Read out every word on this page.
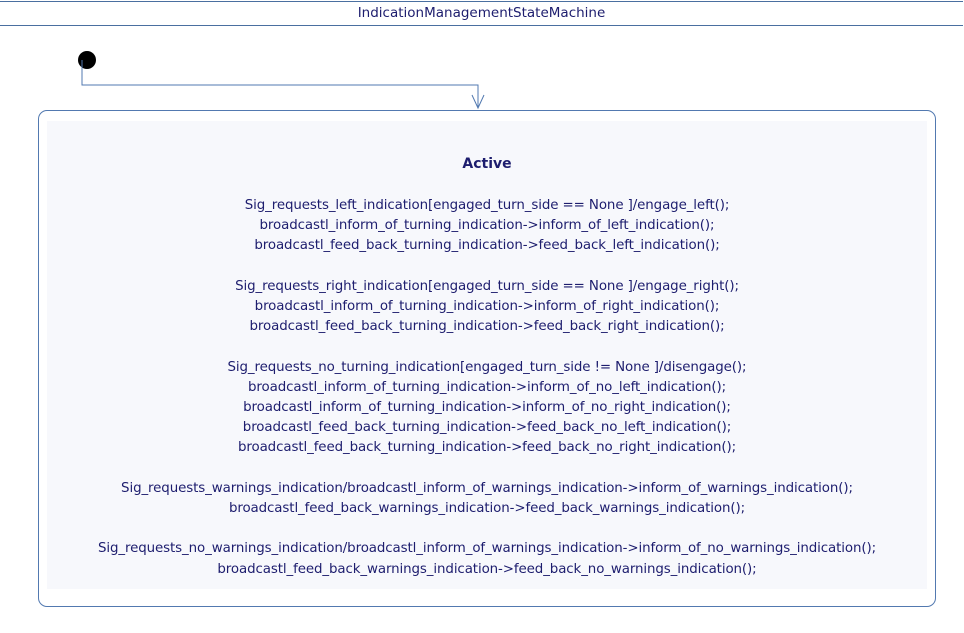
IndicationManagementStateMachine
Active
Sig_requests_left_indication[engaged_turn_side == None ]/engage_left();
broadcastl_inform_of_turning_indication->inform_of_left_indication();
broadcastl_feed_back_turning_indication->feed_back_left_indication();
Sig_requests_right_indication[engaged_turn_side == None ]/engage_right();
broadcastl_inform_of_turning_indication->inform_of_right_indication();
broadcastl_feed_back_turning_indication->feed_back_right_indication();
Sig_requests_no_turning_indication[engaged_turn_side != None ]/disengage();
broadcastl_inform_of_turning_indication->inform_of_no_left_indication();
broadcastl_inform_of_turning_indication->inform_of_no_right_indication();
broadcastl_feed_back_turning_indication->feed_back_no_left_indication();
broadcastl_feed_back_turning_indication->feed_back_no_right_indication();
Sig_requests_warnings_indication/broadcastl_inform_of_warnings_indication->inform_of_warnings_indication();
broadcastl_feed_back_warnings_indication->feed_back_warnings_indication();
Sig_requests_no_warnings_indication/broadcastl_inform_of_warnings_indication->inform_of_no_warnings_indication();
broadcastl_feed_back_warnings_indication->feed_back_no_warnings_indication();
